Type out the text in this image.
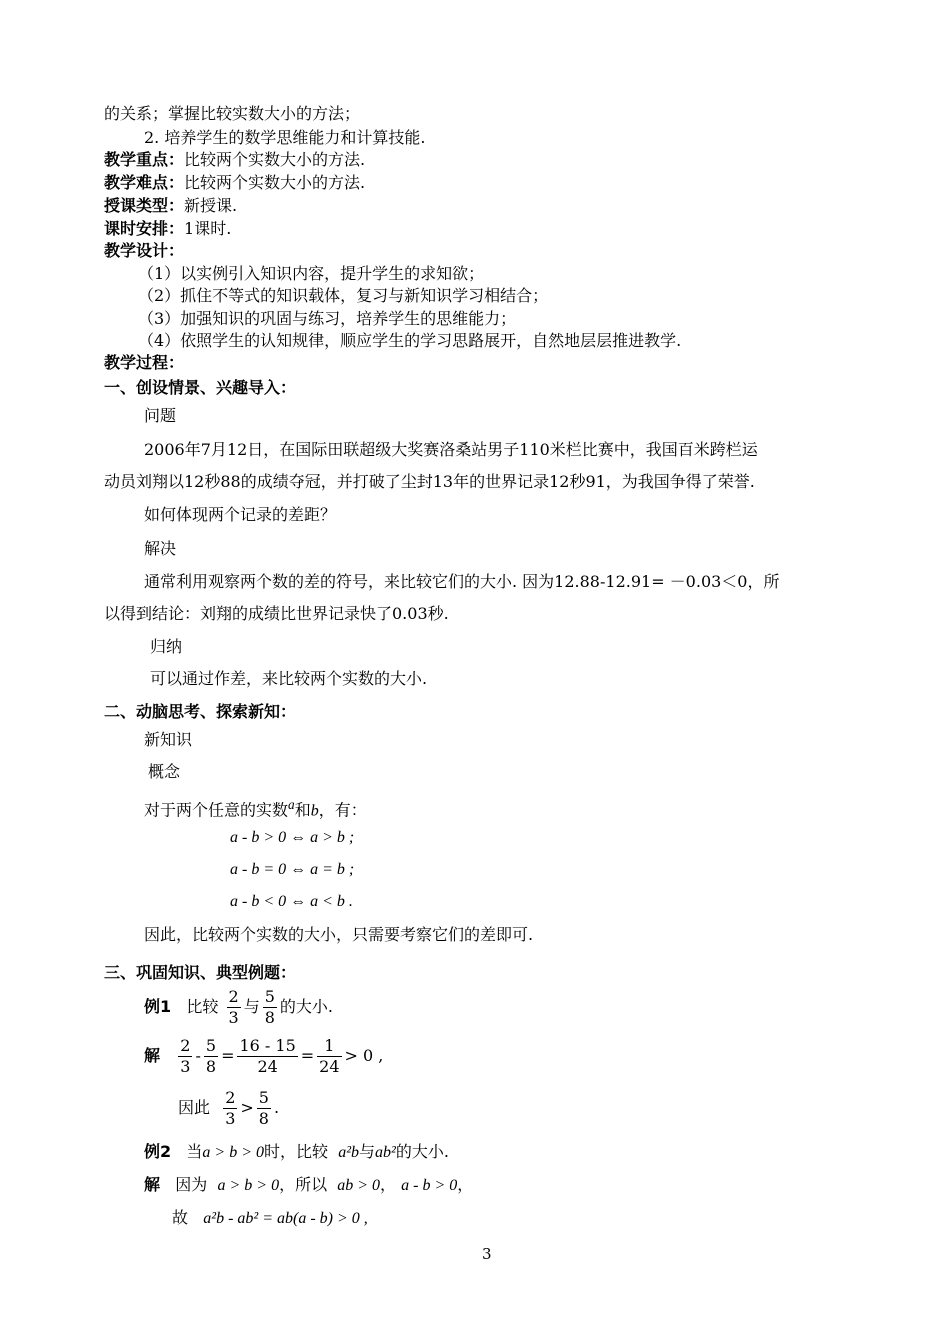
的关系；掌握比较实数大小的方法；
2. 培养学生的数学思维能力和计算技能.
教学重点：比较两个实数大小的方法.
教学难点：比较两个实数大小的方法.
授课类型：新授课.
课时安排：1课时.
教学设计：
（1）以实例引入知识内容，提升学生的求知欲；
（2）抓住不等式的知识载体，复习与新知识学习相结合；
（3）加强知识的巩固与练习，培养学生的思维能力；
（4）依照学生的认知规律，顺应学生的学习思路展开，自然地层层推进教学.
教学过程：
一、创设情景、兴趣导入：
问题
2006年7月12日，在国际田联超级大奖赛洛桑站男子110米栏比赛中，我国百米跨栏运
动员刘翔以12秒88的成绩夺冠，并打破了尘封13年的世界记录12秒91，为我国争得了荣誉.
如何体现两个记录的差距？
解决
通常利用观察两个数的差的符号，来比较它们的大小. 因为12.88-12.91= －0.03＜0，所
以得到结论：刘翔的成绩比世界记录快了0.03秒.
归纳
可以通过作差，来比较两个实数的大小.
二、动脑思考、探索新知：
新知识
概念
对于两个任意的实数$^a$和b，有：
a - b > 0 ⇔ a > b ;
a - b = 0 ⇔ a = b ;
a - b < 0 ⇔ a < b .
因此，比较两个实数的大小，只需要考察它们的差即可.
三、巩固知识、典型例题：
例1 比较 $\frac{2}{3}$ 与 $\frac{5}{8}$ 的大小.
解 $\frac{2}{3} - \frac{5}{8} = \frac{16 - 15}{24} = \frac{1}{24} > 0$ ,
因此 $\frac{2}{3} > \frac{5}{8}$ .
例2 当a > b > 0时，比较 a²b与ab²的大小.
解 因为 a > b > 0，所以 ab > 0， a - b > 0，
故 a²b - ab² = ab(a - b) > 0 ,
3
